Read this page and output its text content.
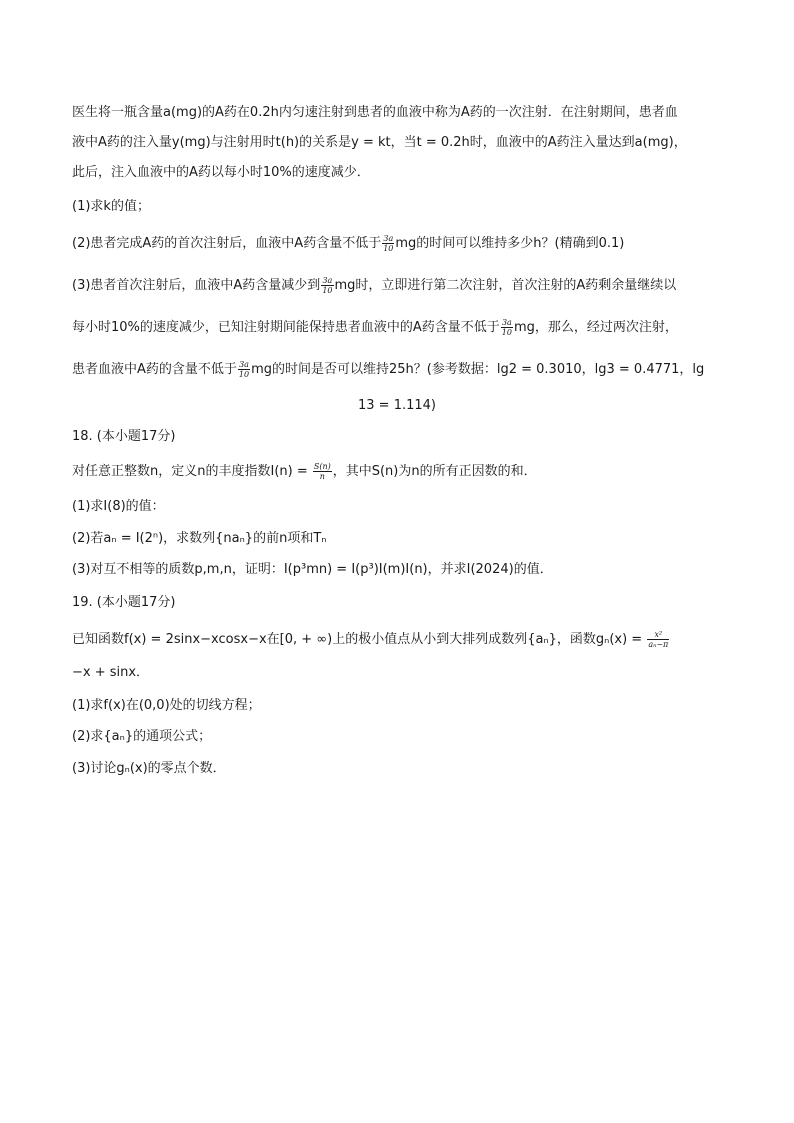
医生将一瓶含量a(mg)的A药在0.2h内匀速注射到患者的血液中称为A药的一次注射．在注射期间，患者血
液中A药的注入量y(mg)与注射用时t(h)的关系是y = kt，当t = 0.2h时，血液中的A药注入量达到a(mg)，
此后，注入血液中的A药以每小时10%的速度减少．
(1)求k的值；
(2)患者完成A药的首次注射后，血液中A药含量不低于 $\frac{3a}{10}$ mg的时间可以维持多少h？(精确到0.1)
(3)患者首次注射后，血液中A药含量减少到 $\frac{3a}{10}$ mg时，立即进行第二次注射，首次注射的A药剩余量继续以
每小时10%的速度减少，已知注射期间能保持患者血液中的A药含量不低于 $\frac{3a}{10}$ mg，那么，经过两次注射，
患者血液中A药的含量不低于 $\frac{3a}{10}$ mg的时间是否可以维持25h？(参考数据：lg2 = 0.3010，lg3 = 0.4771，lg
13 = 1.114)
18. (本小题17分)
对任意正整数n，定义n的丰度指数$I(n) = \frac{S(n)}{n}$ ，其中S(n)为n的所有正因数的和．
(1)求I(8)的值：
(2)若aₙ = I(2ⁿ)，求数列{naₙ}的前n项和Tₙ
(3)对互不相等的质数p,m,n，证明：I(p³mn) = I(p³)I(m)I(n)，并求I(2024)的值．
19. (本小题17分)
已知函数f(x) = 2sinx−xcosx−x在[0, + ∞)上的极小值点从小到大排列成数列{aₙ}，函数$g_n(x) = \frac{\text{x²}}{\text{aₙ−π}}$
−x + sinx．
(1)求f(x)在(0,0)处的切线方程；
(2)求{aₙ}的通项公式；
(3)讨论gₙ(x)的零点个数．
